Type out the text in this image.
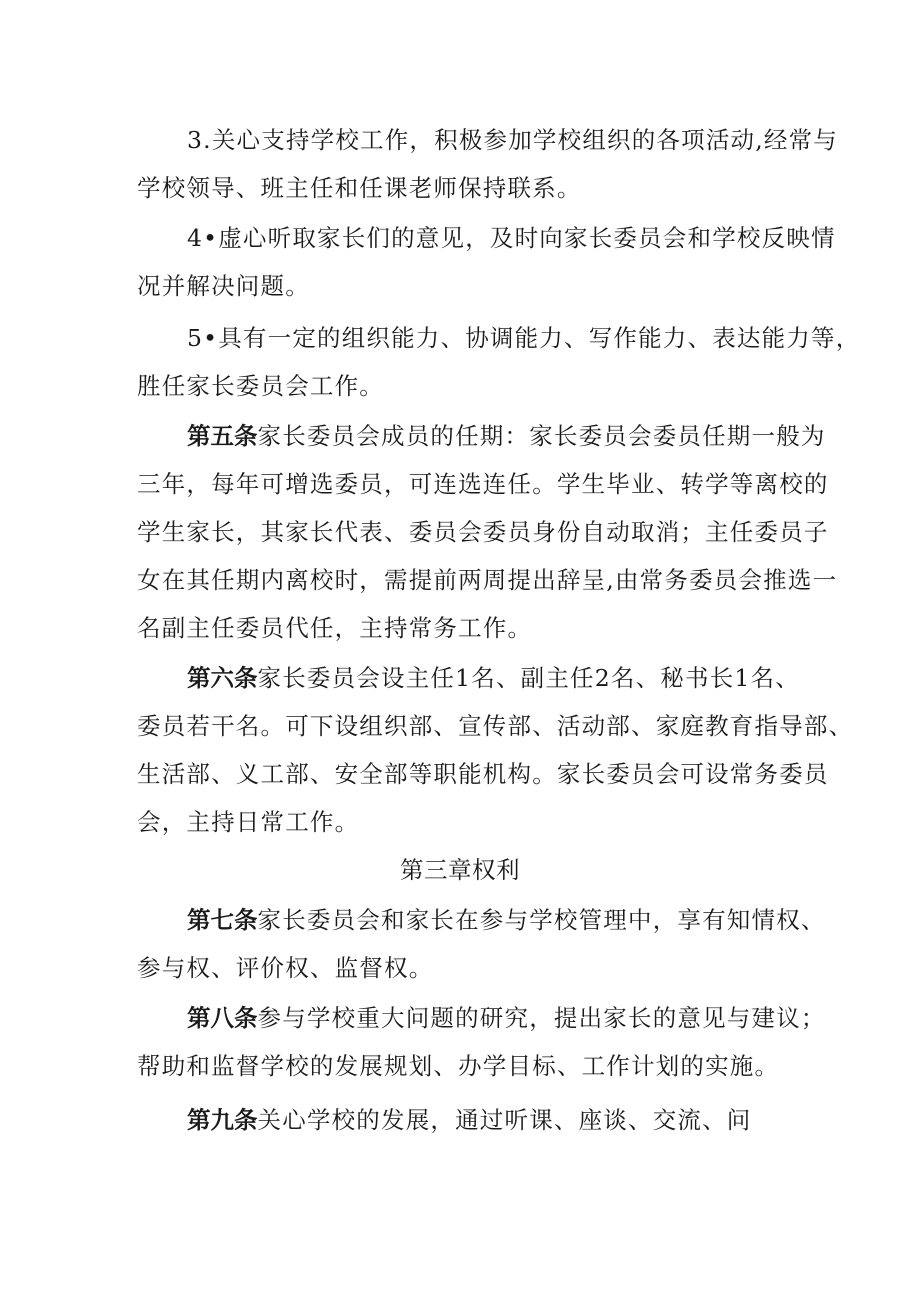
3.关心支持学校工作，积极参加学校组织的各项活动,经常与
学校领导、班主任和任课老师保持联系。
4•虚心听取家长们的意见，及时向家长委员会和学校反映情
况并解决问题。
5•具有一定的组织能力、协调能力、写作能力、表达能力等，
胜任家长委员会工作。
第五条家长委员会成员的任期：家长委员会委员任期一般为
三年，每年可增选委员，可连选连任。学生毕业、转学等离校的
学生家长，其家长代表、委员会委员身份自动取消；主任委员子
女在其任期内离校时，需提前两周提出辞呈,由常务委员会推选一
名副主任委员代任，主持常务工作。
第六条家长委员会设主任1名、副主任2名、秘书长1名、
委员若干名。可下设组织部、宣传部、活动部、家庭教育指导部、
生活部、义工部、安全部等职能机构。家长委员会可设常务委员
会，主持日常工作。
第三章权利
第七条家长委员会和家长在参与学校管理中，享有知情权、
参与权、评价权、监督权。
第八条参与学校重大问题的研究，提出家长的意见与建议；
帮助和监督学校的发展规划、办学目标、工作计划的实施。
第九条关心学校的发展，通过听课、座谈、交流、问
